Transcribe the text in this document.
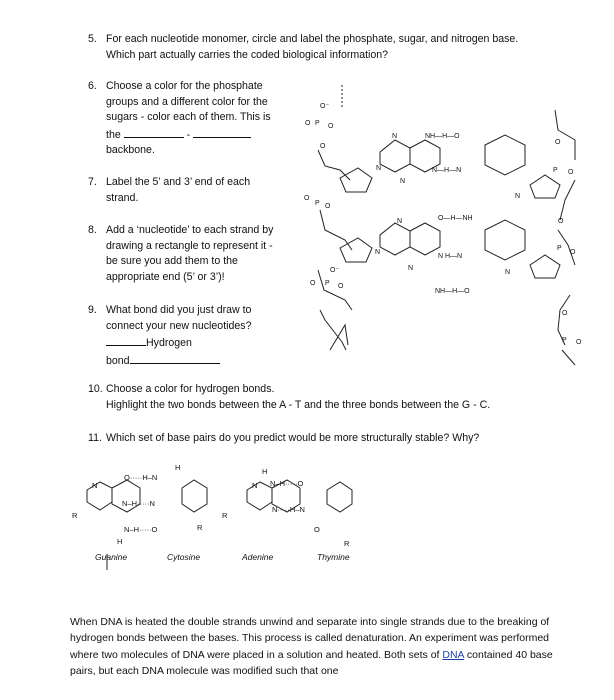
5. For each nucleotide monomer, circle and label the phosphate, sugar, and nitrogen base.
Which part actually carries the coded biological information?
6. Choose a color for the phosphate
groups and a different color for the
sugars - color each of them. This is
the	-
backbone.
7. Label the 5’ and 3’ end of each
strand.
8. Add a ‘nucleotide’ to each strand by
drawing a rectangle to represent it -
be sure you add them to the
appropriate end (5’ or 3’)!
9. What bond did you just draw to
connect your new nucleotides?
Hydrogen
bond
10. Choose a color for hydrogen bonds.
Highlight the two bonds between the A - T and the three bonds between the G - C.
11. Which set of base pairs do you predict would be more structurally stable? Why?
O⁻
P
O	O
O
P
O
O
P
O⁻
O	O
N
N
N
N
N
N
N
N
NH—H—O
N—H—N
O—H—NH
N H—N
NH—H—O
O
P O
O
P
O
P O
O
O·····H–N
N–H·····N
N–H·····O
N–H·····O
N·····H–N
H	H
H
R
R
R
R
N	N
O
Guanine	Cytosine	Adenine	Thymine
When DNA is heated the double strands unwind and separate into single strands due to the breaking of hydrogen bonds between the bases. This process is called denaturation. An experiment was performed where two molecules of DNA were placed in a solution and heated. Both sets of DNA contained 40 base pairs, but each DNA molecule was modified such that one
